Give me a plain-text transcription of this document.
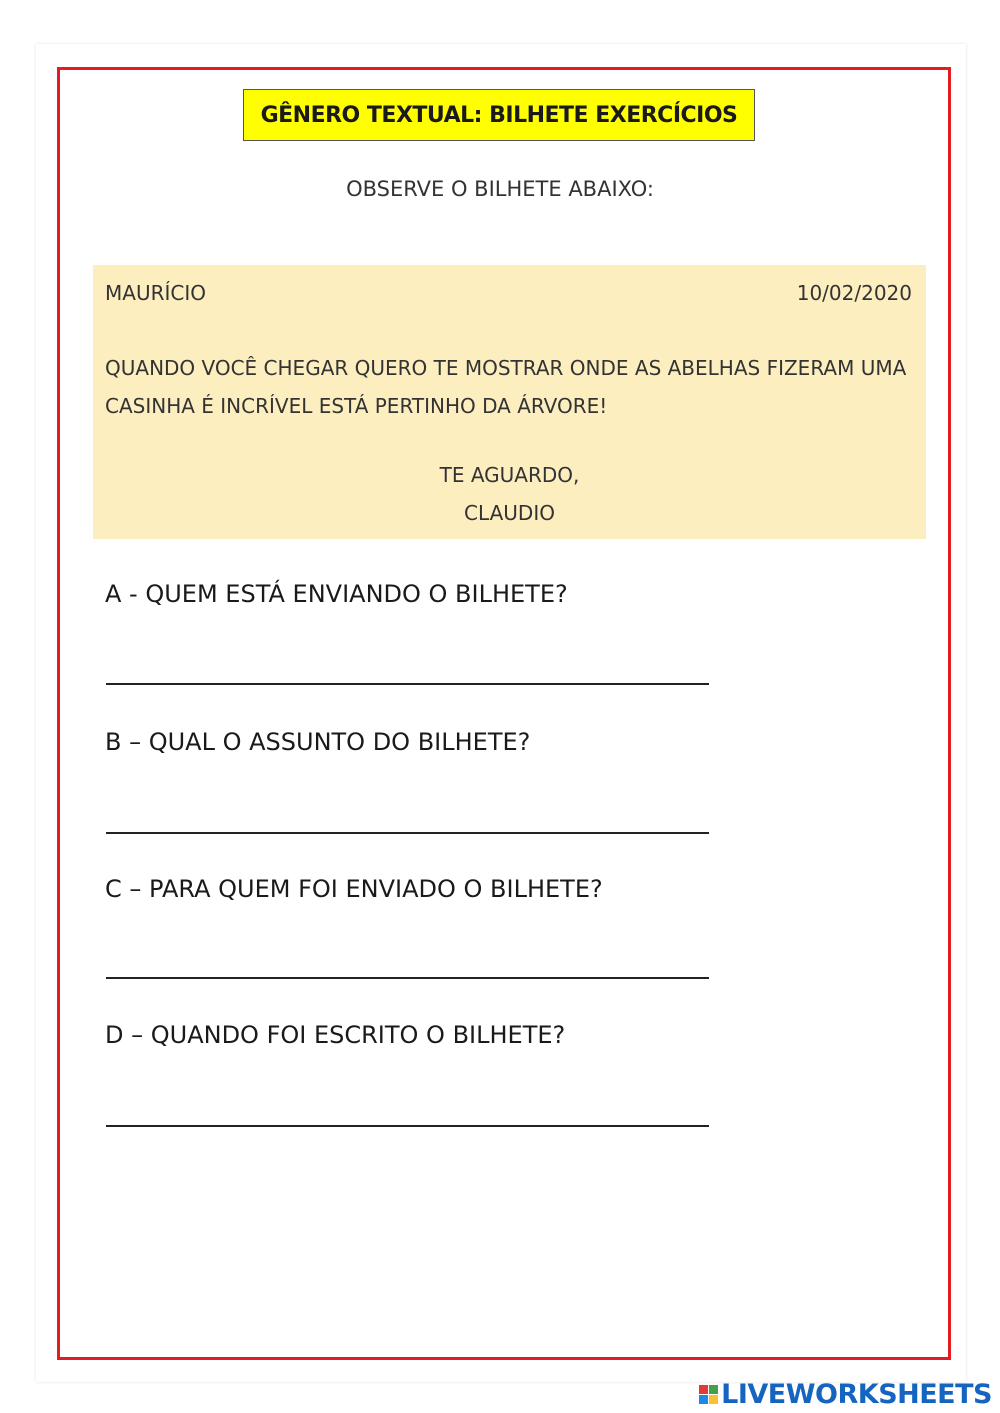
GÊNERO TEXTUAL: BILHETE EXERCÍCIOS
OBSERVE O BILHETE ABAIXO:
MAURÍCIO	10/02/2020
QUANDO VOCÊ CHEGAR QUERO TE MOSTRAR ONDE AS ABELHAS FIZERAM UMA CASINHA É INCRÍVEL ESTÁ PERTINHO DA ÁRVORE!
TE AGUARDO,
CLAUDIO
A - QUEM ESTÁ ENVIANDO O BILHETE?
B – QUAL O ASSUNTO DO BILHETE?
C – PARA QUEM FOI ENVIADO O BILHETE?
D – QUANDO FOI ESCRITO O BILHETE?
LIVEWORKSHEETS
